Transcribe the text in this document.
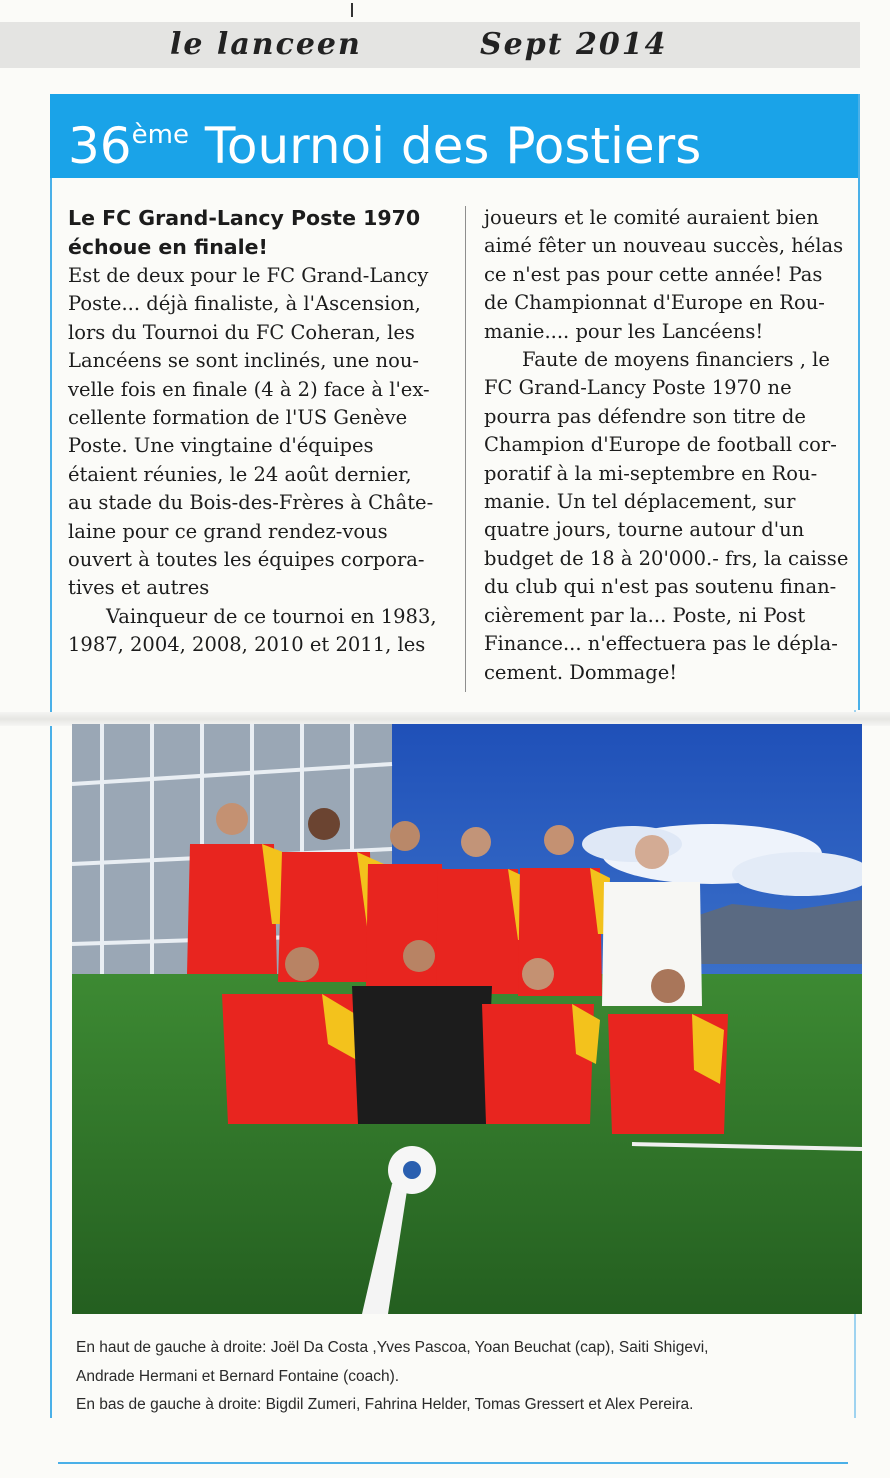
le lanceen	Sept 2014
36ème Tournoi des Postiers

Le FC Grand-Lancy Poste 1970
échoue en finale!

Est de deux pour le FC Grand-Lancy
Poste... déjà finaliste, à l'Ascension,
lors du Tournoi du FC Coheran, les
Lancéens se sont inclinés, une nou-
velle fois en finale (4 à 2) face à l'ex-
cellente formation de l'US Genève
Poste. Une vingtaine d'équipes
étaient réunies, le 24 août dernier,
au stade du Bois-des-Frères à Châte-
laine pour ce grand rendez-vous
ouvert à toutes les équipes corpora-
tives et autres

Vainqueur de ce tournoi en 1983,
1987, 2004, 2008, 2010 et 2011, les

joueurs et le comité auraient bien
aimé fêter un nouveau succès, hélas
ce n'est pas pour cette année! Pas
de Championnat d'Europe en Rou-
manie.... pour les Lancéens!

Faute de moyens financiers , le
FC Grand-Lancy Poste 1970 ne
pourra pas défendre son titre de
Champion d'Europe de football cor-
poratif à la mi-septembre en Rou-
manie. Un tel déplacement, sur
quatre jours, tourne autour d'un
budget de 18 à 20'000.- frs, la caisse
du club qui n'est pas soutenu finan-
cièrement par la... Poste, ni Post
Finance... n'effectuera pas le dépla-
cement. Dommage!

En haut de gauche à droite: Joël Da Costa ,Yves Pascoa, Yoan Beuchat (cap), Saiti Shigevi,
Andrade Hermani et Bernard Fontaine (coach).
En bas de gauche à droite: Bigdil Zumeri, Fahrina Helder, Tomas Gressert et Alex Pereira.
